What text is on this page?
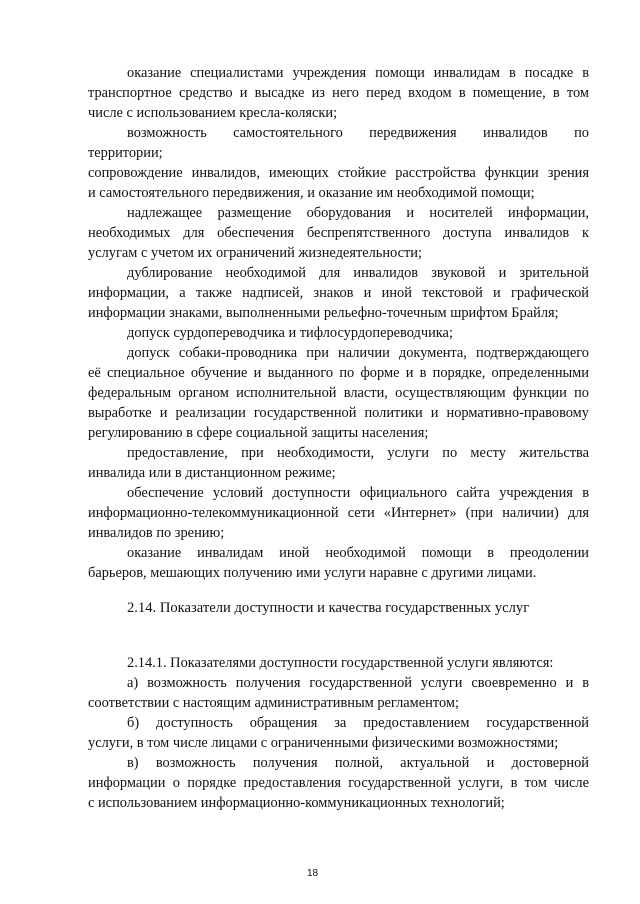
оказание специалистами учреждения помощи инвалидам в посадке в
транспортное средство и высадке из него перед входом в помещение, в том
числе с использованием кресла-коляски;
возможность самостоятельного передвижения инвалидов по
территории;
сопровождение инвалидов, имеющих стойкие расстройства функции зрения
и самостоятельного передвижения, и оказание им необходимой помощи;
надлежащее размещение оборудования и носителей информации,
необходимых для обеспечения беспрепятственного доступа инвалидов к
услугам с учетом их ограничений жизнедеятельности;
дублирование необходимой для инвалидов звуковой и зрительной
информации, а также надписей, знаков и иной текстовой и графической
информации знаками, выполненными рельефно-точечным шрифтом Брайля;
допуск сурдопереводчика и тифлосурдопереводчика;
допуск собаки-проводника при наличии документа, подтверждающего
её специальное обучение и выданного по форме и в порядке, определенными
федеральным органом исполнительной власти, осуществляющим функции по
выработке и реализации государственной политики и нормативно-правовому
регулированию в сфере социальной защиты населения;
предоставление, при необходимости, услуги по месту жительства
инвалида или в дистанционном режиме;
обеспечение условий доступности официального сайта учреждения в
информационно-телекоммуникационной сети «Интернет» (при наличии) для
инвалидов по зрению;
оказание инвалидам иной необходимой помощи в преодолении
барьеров, мешающих получению ими услуги наравне с другими лицами.
2.14. Показатели доступности и качества государственных услуг
2.14.1. Показателями доступности государственной услуги являются:
а) возможность получения государственной услуги своевременно и в
соответствии с настоящим административным регламентом;
б) доступность обращения за предоставлением государственной
услуги, в том числе лицами с ограниченными физическими возможностями;
в) возможность получения полной, актуальной и достоверной
информации о порядке предоставления государственной услуги, в том числе
с использованием информационно-коммуникационных технологий;
18
